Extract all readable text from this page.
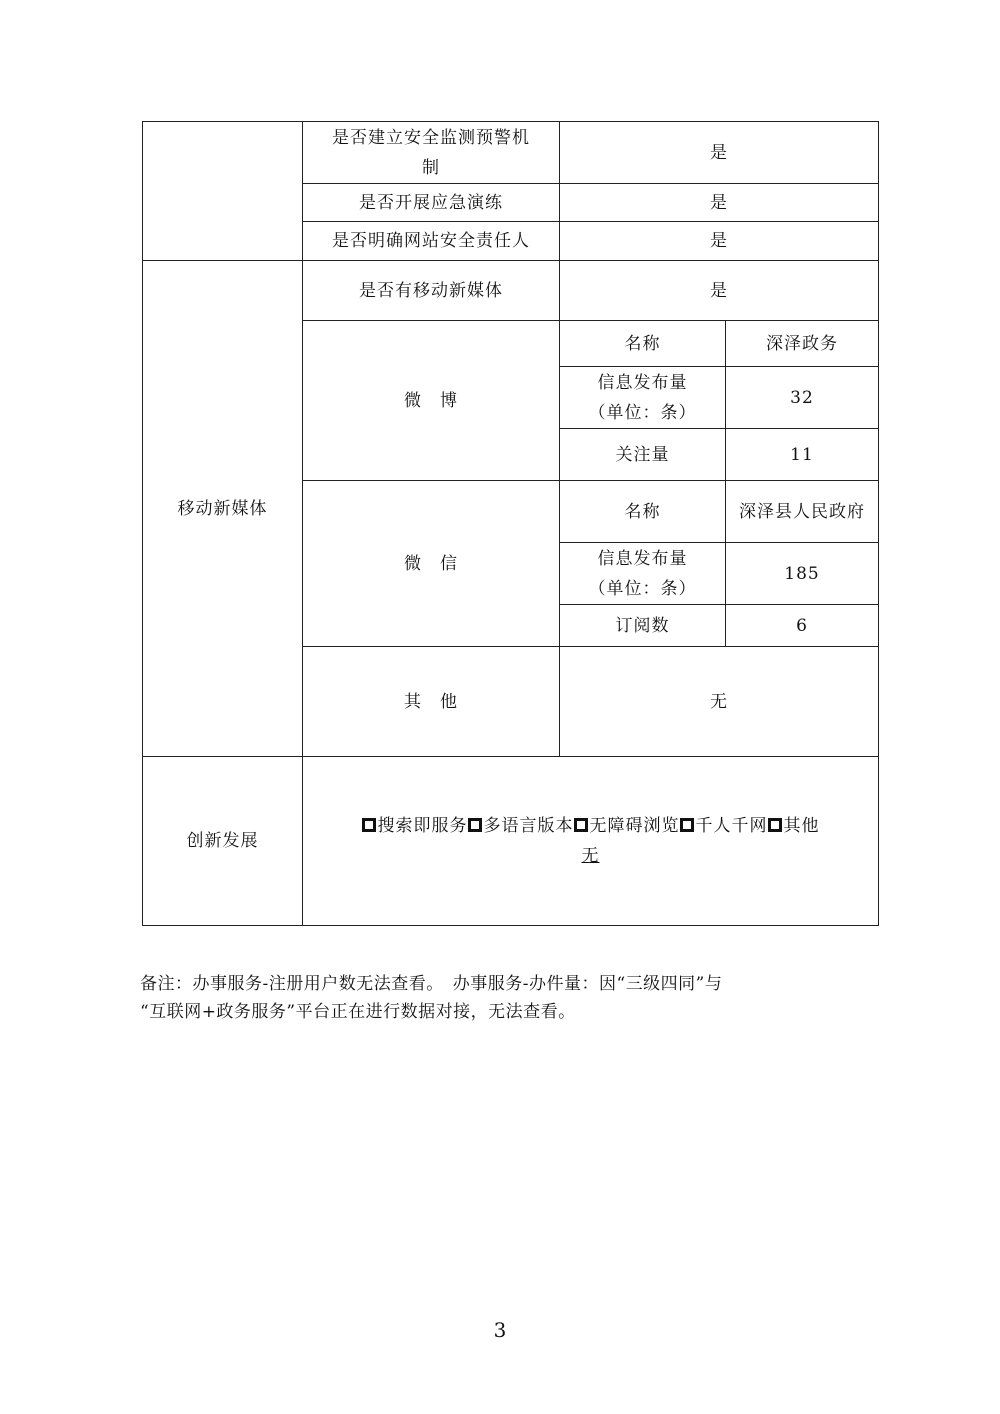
	是否建立安全监测预警机制	是	
	是否开展应急演练	是	
	是否明确网站安全责任人	是	
移动新媒体	是否有移动新媒体	是	
	微　博	名称	深泽政务
		信息发布量（单位：条）	32
		关注量	11
	微　信	名称	深泽县人民政府
		信息发布量（单位：条）	185
		订阅数	6
	其　他	无	
创新发展	搜索即服务 多语言版本 无障碍浏览 千人千网 其他
无		
备注：办事服务-注册用户数无法查看。　办事服务-办件量：因“三级四同”与
“互联网+政务服务”平台正在进行数据对接，无法查看。
3
